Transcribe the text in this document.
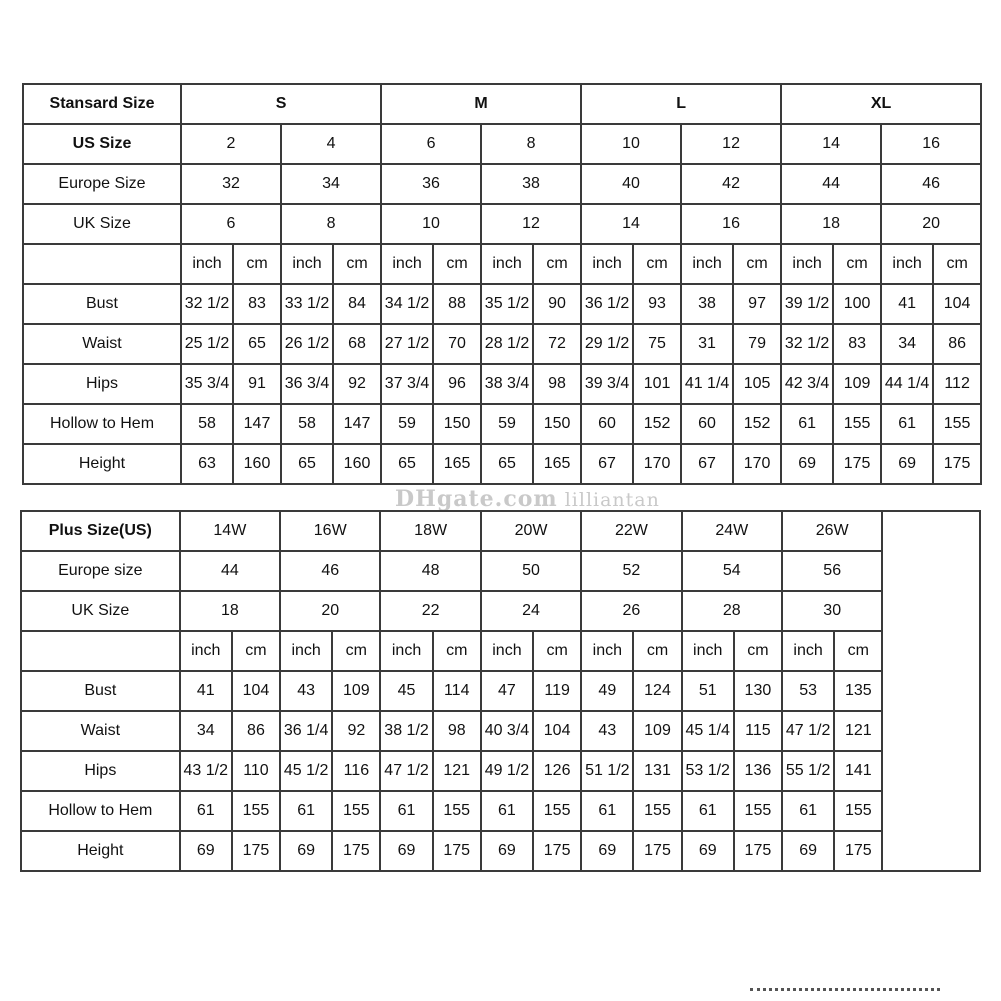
Stansard Size	S				M				L				XL			
US Size	2		4		6		8		10		12		14		16	
Europe Size	32		34		36		38		40		42		44		46	
UK Size	6		8		10		12		14		16		18		20	
	inch	cm	inch	cm	inch	cm	inch	cm	inch	cm	inch	cm	inch	cm	inch	cm
Bust	32 1/2	83	33 1/2	84	34 1/2	88	35 1/2	90	36 1/2	93	38	97	39 1/2	100	41	104
Waist	25 1/2	65	26 1/2	68	27 1/2	70	28 1/2	72	29 1/2	75	31	79	32 1/2	83	34	86
Hips	35 3/4	91	36 3/4	92	37 3/4	96	38 3/4	98	39 3/4	101	41 1/4	105	42 3/4	109	44 1/4	112
Hollow to Hem	58	147	58	147	59	150	59	150	60	152	60	152	61	155	61	155
Height	63	160	65	160	65	165	65	165	67	170	67	170	69	175	69	175
DHgate.com lilliantan
Plus Size(US)	14W		16W		18W		20W		22W		24W		26W		
Europe size	44		46		48		50		52		54		56		
UK Size	18		20		22		24		26		28		30		
	inch	cm	inch	cm	inch	cm	inch	cm	inch	cm	inch	cm	inch	cm	
Bust	41	104	43	109	45	114	47	119	49	124	51	130	53	135	
Waist	34	86	36 1/4	92	38 1/2	98	40 3/4	104	43	109	45 1/4	115	47 1/2	121	
Hips	43 1/2	110	45 1/2	116	47 1/2	121	49 1/2	126	51 1/2	131	53 1/2	136	55 1/2	141	
Hollow to Hem	61	155	61	155	61	155	61	155	61	155	61	155	61	155	
Height	69	175	69	175	69	175	69	175	69	175	69	175	69	175	
